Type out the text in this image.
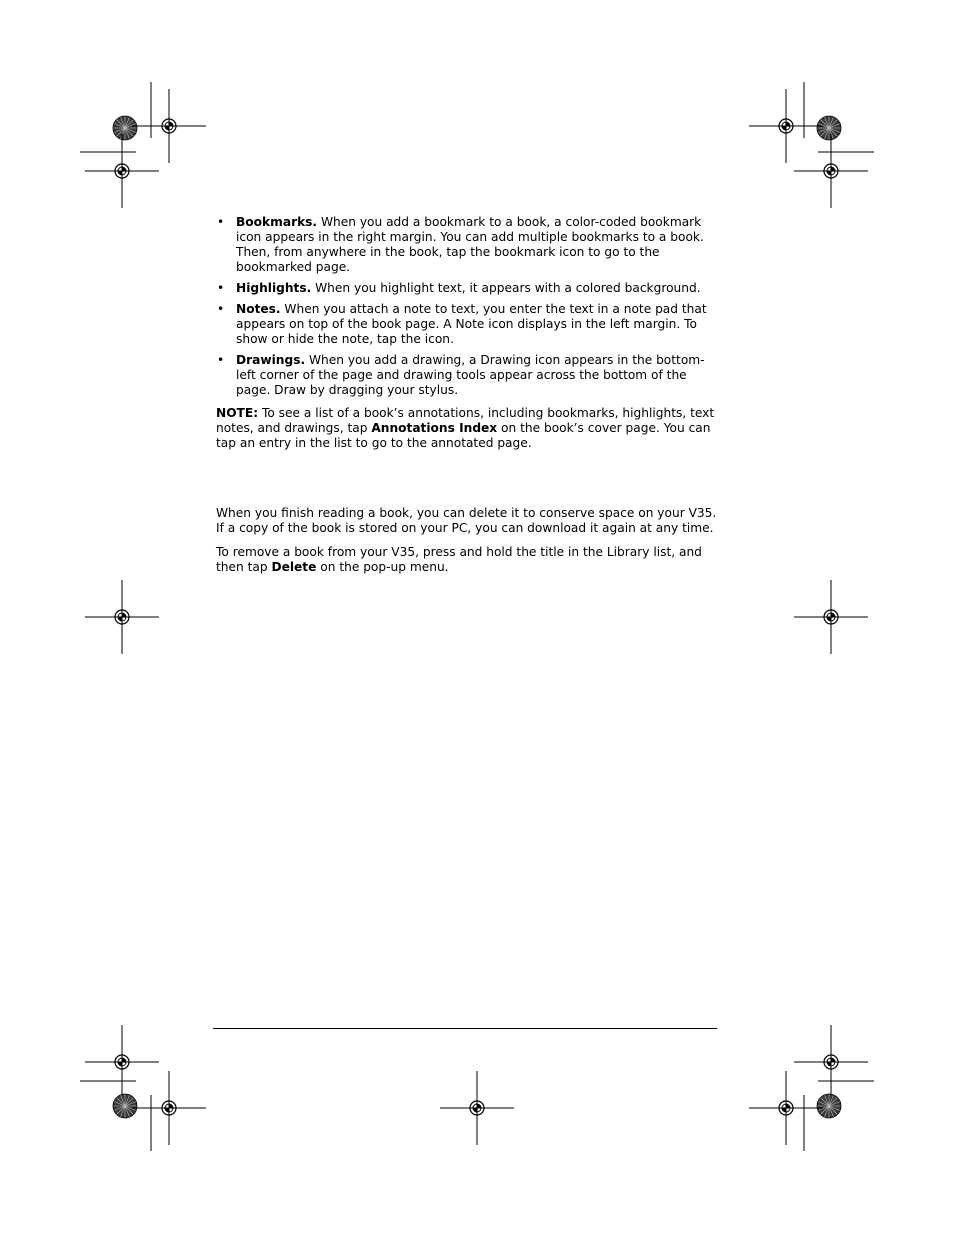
• Bookmarks. When you add a bookmark to a book, a color-coded bookmark icon appears in the right margin. You can add multiple bookmarks to a book. Then, from anywhere in the book, tap the bookmark icon to go to the bookmarked page.
• Highlights. When you highlight text, it appears with a colored background.
• Notes. When you attach a note to text, you enter the text in a note pad that appears on top of the book page. A Note icon displays in the left margin. To show or hide the note, tap the icon.
• Drawings. When you add a drawing, a Drawing icon appears in the bottom-left corner of the page and drawing tools appear across the bottom of the page. Draw by dragging your stylus.

NOTE: To see a list of a book’s annotations, including bookmarks, highlights, text notes, and drawings, tap Annotations Index on the book’s cover page. You can tap an entry in the list to go to the annotated page.

When you finish reading a book, you can delete it to conserve space on your V35. If a copy of the book is stored on your PC, you can download it again at any time.

To remove a book from your V35, press and hold the title in the Library list, and then tap Delete on the pop-up menu.
